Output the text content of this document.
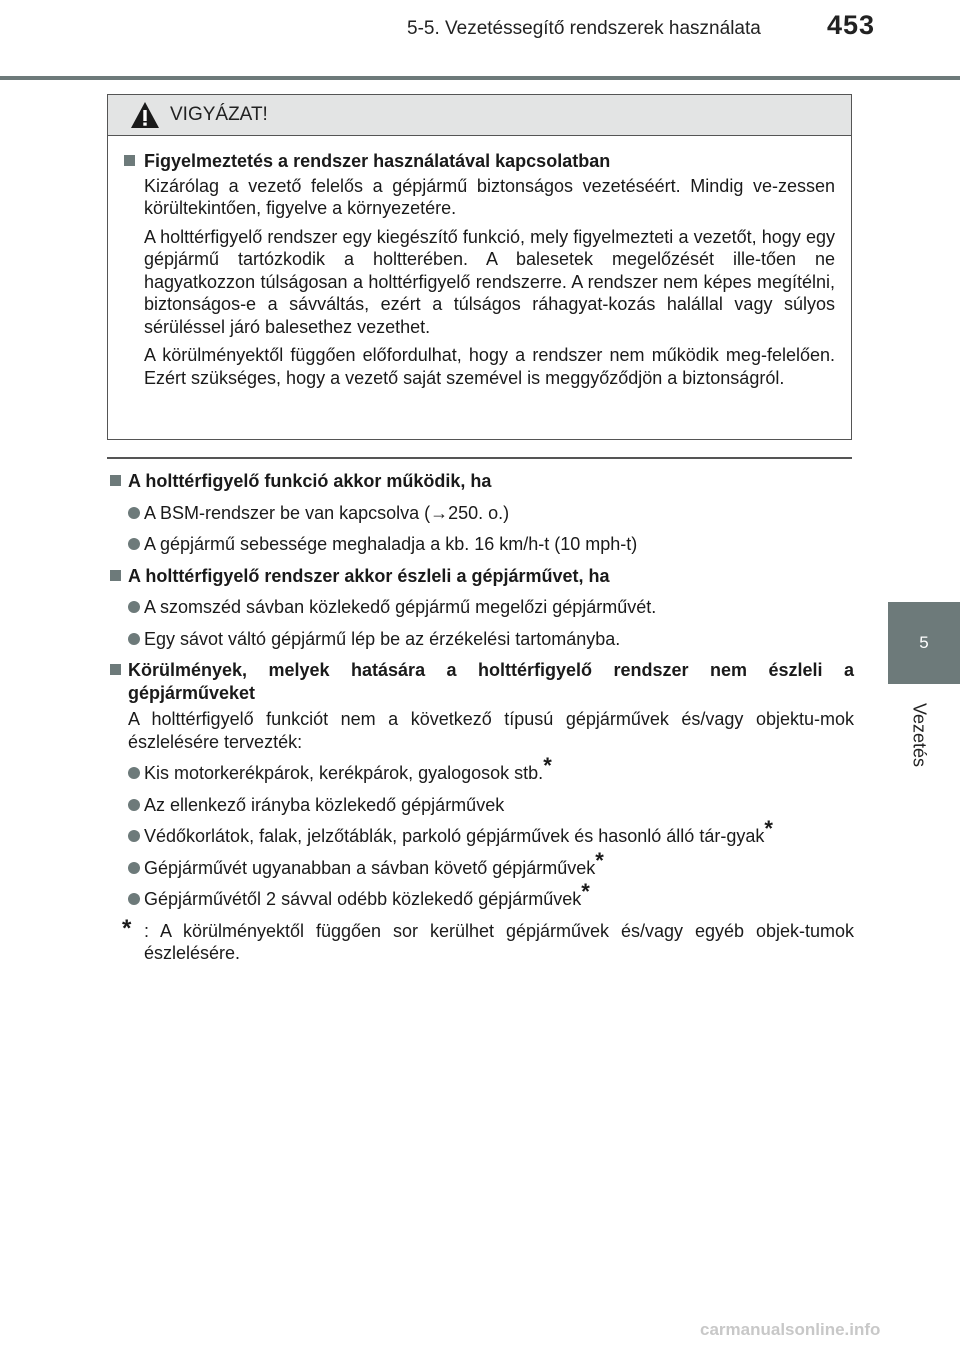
5-5. Vezetéssegítő rendszerek használata 453
5
Vezetés
VIGYÁZAT!
Figyelmeztetés a rendszer használatával kapcsolatban
Kizárólag a vezető felelős a gépjármű biztonságos vezetéséért. Mindig ve-zessen körültekintően, figyelve a környezetére.
A holttérfigyelő rendszer egy kiegészítő funkció, mely figyelmezteti a vezetőt, hogy egy gépjármű tartózkodik a holtterében. A balesetek megelőzését ille-tően ne hagyatkozzon túlságosan a holttérfigyelő rendszerre. A rendszer nem képes megítélni, biztonságos-e a sávváltás, ezért a túlságos ráhagyat-kozás halállal vagy súlyos sérüléssel járó balesethez vezethet.
A körülményektől függően előfordulhat, hogy a rendszer nem működik meg-felelően. Ezért szükséges, hogy a vezető saját szemével is meggyőződjön a biztonságról.
A holttérfigyelő funkció akkor működik, ha
A BSM-rendszer be van kapcsolva (→250. o.)
A gépjármű sebessége meghaladja a kb. 16 km/h-t (10 mph-t)
A holttérfigyelő rendszer akkor észleli a gépjárművet, ha
A szomszéd sávban közlekedő gépjármű megelőzi gépjárművét.
Egy sávot váltó gépjármű lép be az érzékelési tartományba.
Körülmények, melyek hatására a holttérfigyelő rendszer nem észleli a gépjárműveket
A holttérfigyelő funkciót nem a következő típusú gépjárművek és/vagy objektu-mok észlelésére tervezték:
Kis motorkerékpárok, kerékpárok, gyalogosok stb.*
Az ellenkező irányba közlekedő gépjárművek
Védőkorlátok, falak, jelzőtáblák, parkoló gépjárművek és hasonló álló tár-gyak*
Gépjárművét ugyanabban a sávban követő gépjárművek*
Gépjárművétől 2 sávval odébb közlekedő gépjárművek*
* : A körülményektől függően sor kerülhet gépjárművek és/vagy egyéb objek-tumok észlelésére.
carmanualsonline.info
